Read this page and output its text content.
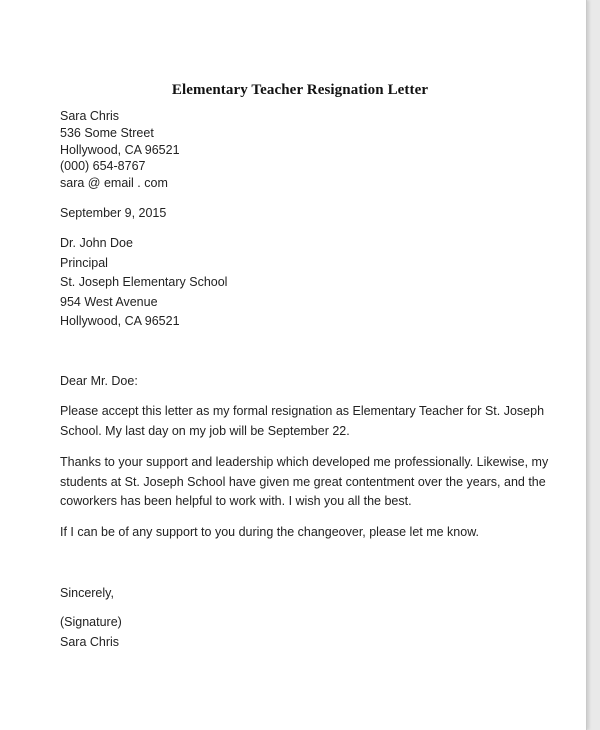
Elementary Teacher Resignation Letter
Sara Chris
536 Some Street
Hollywood, CA 96521
(000) 654-8767
sara @ email . com
September 9, 2015
Dr. John Doe
Principal
St. Joseph Elementary School
954 West Avenue
Hollywood, CA 96521
Dear Mr. Doe:
Please accept this letter as my formal resignation as Elementary Teacher for St. Joseph
School. My last day on my job will be September 22.
Thanks to your support and leadership which developed me professionally. Likewise, my
students at St. Joseph School have given me great contentment over the years, and the
coworkers has been helpful to work with. I wish you all the best.
If I can be of any support to you during the changeover, please let me know.
Sincerely,
(Signature)
Sara Chris
